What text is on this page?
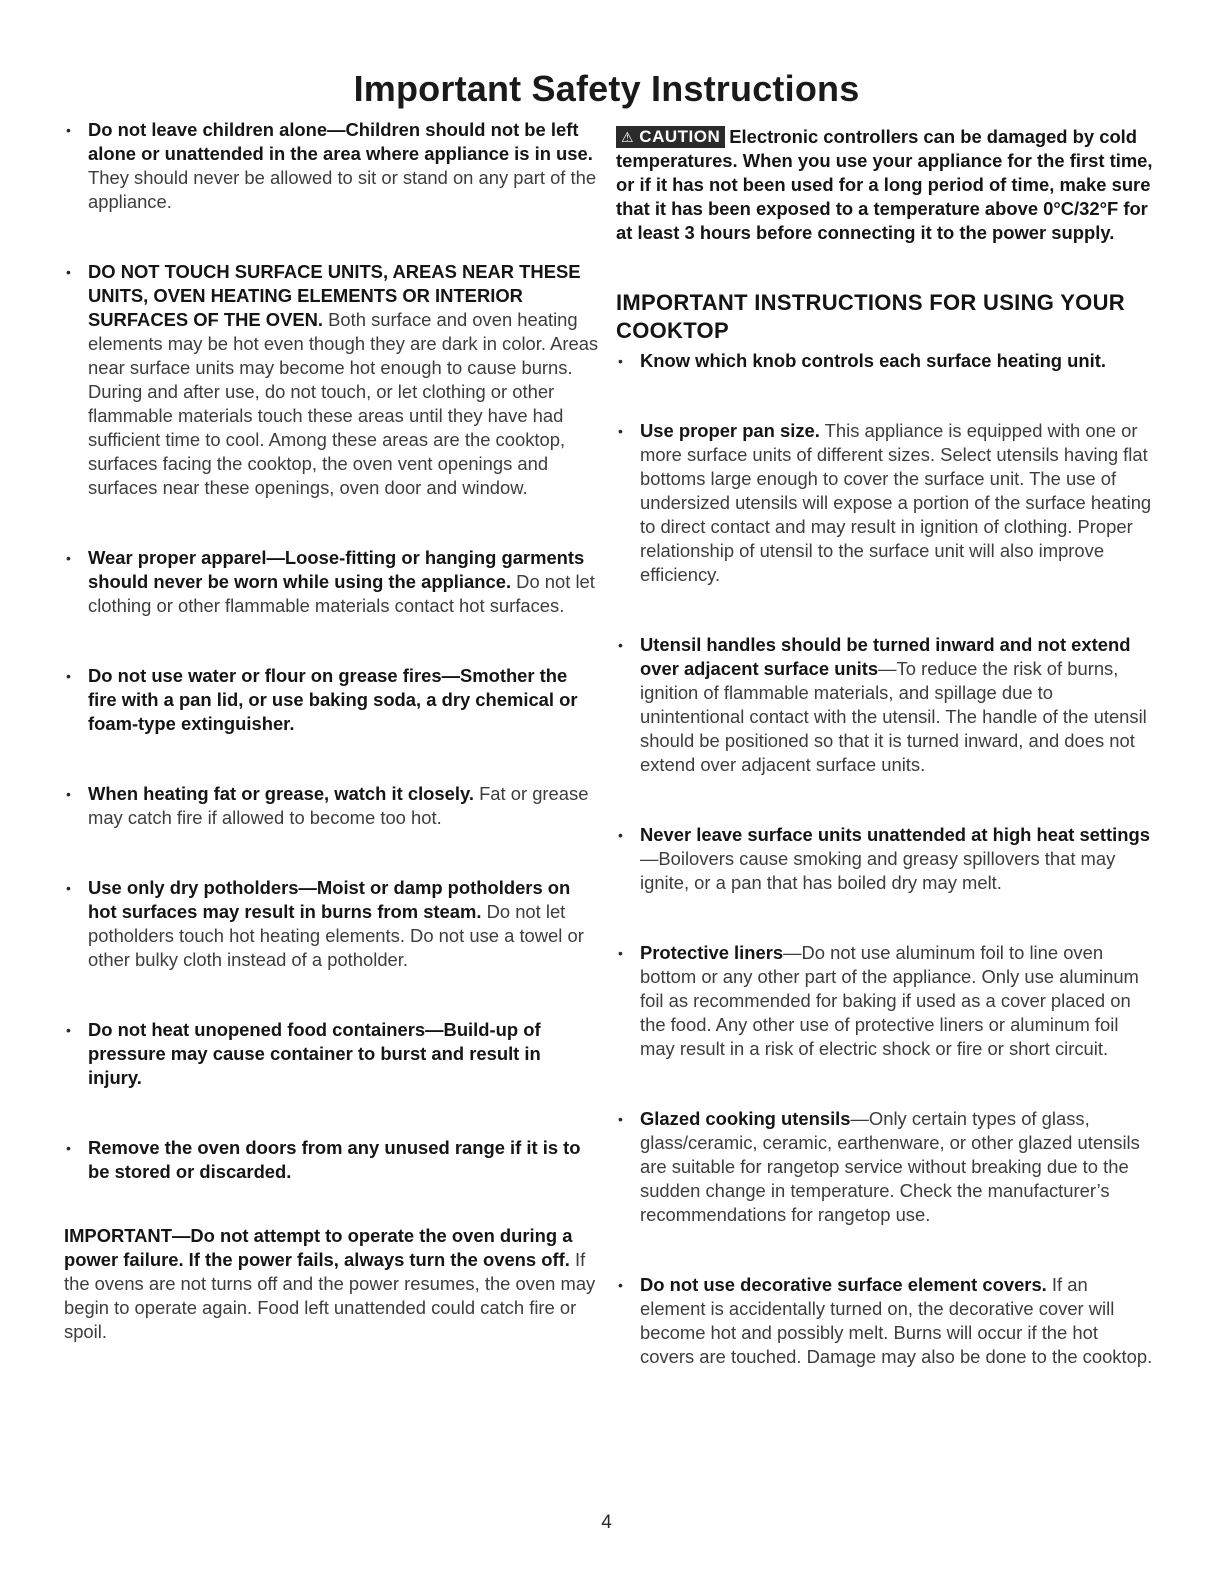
Important Safety Instructions
• Do not leave children alone—Children should not be left alone or unattended in the area where appliance is in use. They should never be allowed to sit or stand on any part of the appliance.
• DO NOT TOUCH SURFACE UNITS, AREAS NEAR THESE UNITS, OVEN HEATING ELEMENTS OR INTERIOR SURFACES OF THE OVEN. Both surface and oven heating elements may be hot even though they are dark in color. Areas near surface units may become hot enough to cause burns. During and after use, do not touch, or let clothing or other flammable materials touch these areas until they have had sufficient time to cool. Among these areas are the cooktop, surfaces facing the cooktop, the oven vent openings and surfaces near these openings, oven door and window.
• Wear proper apparel—Loose-fitting or hanging garments should never be worn while using the appliance. Do not let clothing or other flammable materials contact hot surfaces.
• Do not use water or flour on grease fires—Smother the fire with a pan lid, or use baking soda, a dry chemical or foam-type extinguisher.
• When heating fat or grease, watch it closely. Fat or grease may catch fire if allowed to become too hot.
• Use only dry potholders—Moist or damp potholders on hot surfaces may result in burns from steam. Do not let potholders touch hot heating elements. Do not use a towel or other bulky cloth instead of a potholder.
• Do not heat unopened food containers—Build-up of pressure may cause container to burst and result in injury.
• Remove the oven doors from any unused range if it is to be stored or discarded.
IMPORTANT—Do not attempt to operate the oven during a power failure. If the power fails, always turn the ovens off. If the ovens are not turns off and the power resumes, the oven may begin to operate again. Food left unattended could catch fire or spoil.
⚠ CAUTION Electronic controllers can be damaged by cold temperatures. When you use your appliance for the first time, or if it has not been used for a long period of time, make sure that it has been exposed to a temperature above 0°C/32°F for at least 3 hours before connecting it to the power supply.
IMPORTANT INSTRUCTIONS FOR USING YOUR COOKTOP
• Know which knob controls each surface heating unit.
• Use proper pan size. This appliance is equipped with one or more surface units of different sizes. Select utensils having flat bottoms large enough to cover the surface unit. The use of undersized utensils will expose a portion of the surface heating to direct contact and may result in ignition of clothing. Proper relationship of utensil to the surface unit will also improve efficiency.
• Utensil handles should be turned inward and not extend over adjacent surface units—To reduce the risk of burns, ignition of flammable materials, and spillage due to unintentional contact with the utensil. The handle of the utensil should be positioned so that it is turned inward, and does not extend over adjacent surface units.
• Never leave surface units unattended at high heat settings—Boilovers cause smoking and greasy spillovers that may ignite, or a pan that has boiled dry may melt.
• Protective liners—Do not use aluminum foil to line oven bottom or any other part of the appliance. Only use aluminum foil as recommended for baking if used as a cover placed on the food. Any other use of protective liners or aluminum foil may result in a risk of electric shock or fire or short circuit.
• Glazed cooking utensils—Only certain types of glass, glass/ceramic, ceramic, earthenware, or other glazed utensils are suitable for rangetop service without breaking due to the sudden change in temperature. Check the manufacturer’s recommendations for rangetop use.
• Do not use decorative surface element covers. If an element is accidentally turned on, the decorative cover will become hot and possibly melt. Burns will occur if the hot covers are touched. Damage may also be done to the cooktop.
4
